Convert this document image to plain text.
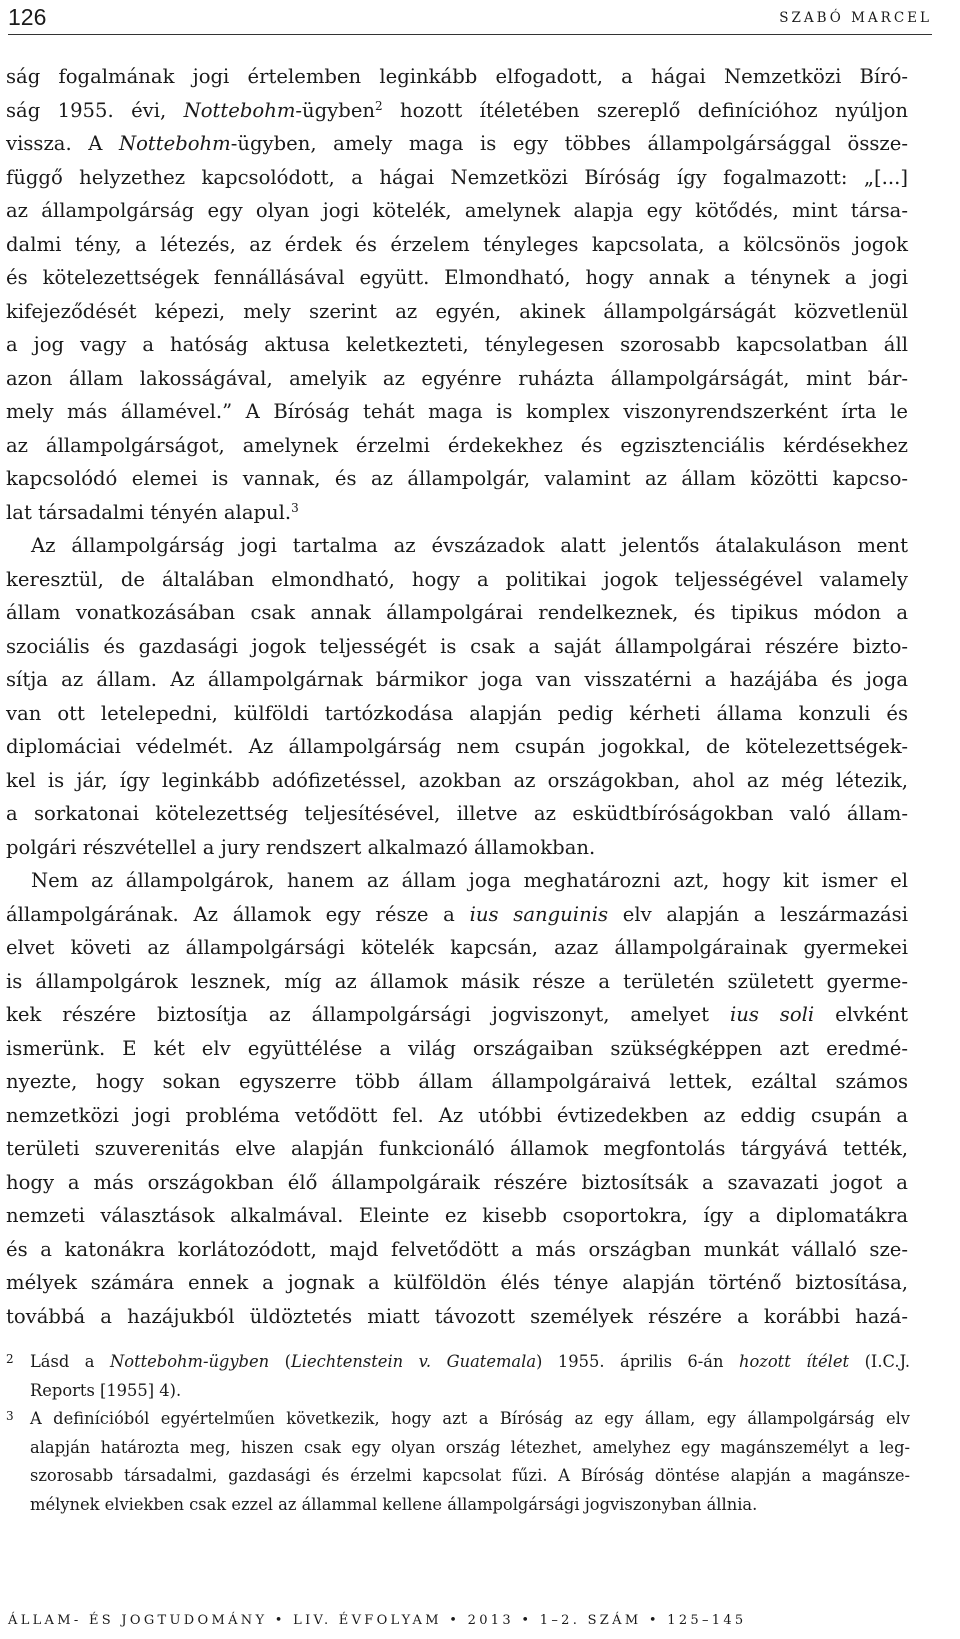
126	SZABÓ MARCEL
ság fogalmának jogi értelemben leginkább elfogadott, a hágai Nemzetközi Bíró-
ság 1955. évi, Nottebohm-ügyben$^2$ hozott ítéletében szereplő definícióhoz nyúljon
vissza. A Nottebohm-ügyben, amely maga is egy többes állampolgársággal össze-
függő helyzethez kapcsolódott, a hágai Nemzetközi Bíróság így fogalmazott: „[...]
az állampolgárság egy olyan jogi kötelék, amelynek alapja egy kötődés, mint társa-
dalmi tény, a létezés, az érdek és érzelem tényleges kapcsolata, a kölcsönös jogok
és kötelezettségek fennállásával együtt. Elmondható, hogy annak a ténynek a jogi
kifejeződését képezi, mely szerint az egyén, akinek állampolgárságát közvetlenül
a jog vagy a hatóság aktusa keletkezteti, ténylegesen szorosabb kapcsolatban áll
azon állam lakosságával, amelyik az egyénre ruházta állampolgárságát, mint bár-
mely más államével.” A Bíróság tehát maga is komplex viszonyrendszerként írta le
az állampolgárságot, amelynek érzelmi érdekekhez és egzisztenciális kérdésekhez
kapcsolódó elemei is vannak, és az állampolgár, valamint az állam közötti kapcso-
lat társadalmi tényén alapul.$^3$
Az állampolgárság jogi tartalma az évszázadok alatt jelentős átalakuláson ment
keresztül, de általában elmondható, hogy a politikai jogok teljességével valamely
állam vonatkozásában csak annak állampolgárai rendelkeznek, és tipikus módon a
szociális és gazdasági jogok teljességét is csak a saját állampolgárai részére bizto-
sítja az állam. Az állampolgárnak bármikor joga van visszatérni a hazájába és joga
van ott letelepedni, külföldi tartózkodása alapján pedig kérheti állama konzuli és
diplomáciai védelmét. Az állampolgárság nem csupán jogokkal, de kötelezettségek-
kel is jár, így leginkább adófizetéssel, azokban az országokban, ahol az még létezik,
a sorkatonai kötelezettség teljesítésével, illetve az esküdtbíróságokban való állam-
polgári részvétellel a jury rendszert alkalmazó államokban.
Nem az állampolgárok, hanem az állam joga meghatározni azt, hogy kit ismer el
állampolgárának. Az államok egy része a ius sanguinis elv alapján a leszármazási
elvet követi az állampolgársági kötelék kapcsán, azaz állampolgárainak gyermekei
is állampolgárok lesznek, míg az államok másik része a területén született gyerme-
kek részére biztosítja az állampolgársági jogviszonyt, amelyet ius soli elvként
ismerünk. E két elv együttélése a világ országaiban szükségképpen azt eredmé-
nyezte, hogy sokan egyszerre több állam állampolgáraivá lettek, ezáltal számos
nemzetközi jogi probléma vetődött fel. Az utóbbi évtizedekben az eddig csupán a
területi szuverenitás elve alapján funkcionáló államok megfontolás tárgyává tették,
hogy a más országokban élő állampolgáraik részére biztosítsák a szavazati jogot a
nemzeti választások alkalmával. Eleinte ez kisebb csoportokra, így a diplomatákra
és a katonákra korlátozódott, majd felvetődött a más országban munkát vállaló sze-
mélyek számára ennek a jognak a külföldön élés ténye alapján történő biztosítása,
továbbá a hazájukból üldöztetés miatt távozott személyek részére a korábbi hazá-
2 Lásd a Nottebohm-ügyben (Liechtenstein v. Guatemala) 1955. április 6-án hozott ítélet (I.C.J.
Reports [1955] 4).
3 A definícióból egyértelműen következik, hogy azt a Bíróság az egy állam, egy állampolgárság elv
alapján határozta meg, hiszen csak egy olyan ország létezhet, amelyhez egy magánszemélyt a leg-
szorosabb társadalmi, gazdasági és érzelmi kapcsolat fűzi. A Bíróság döntése alapján a magánsze-
mélynek elviekben csak ezzel az állammal kellene állampolgársági jogviszonyban állnia.
ÁLLAM- ÉS JOGTUDOMÁNY • LIV. ÉVFOLYAM • 2013 • 1–2. SZÁM • 125–145
